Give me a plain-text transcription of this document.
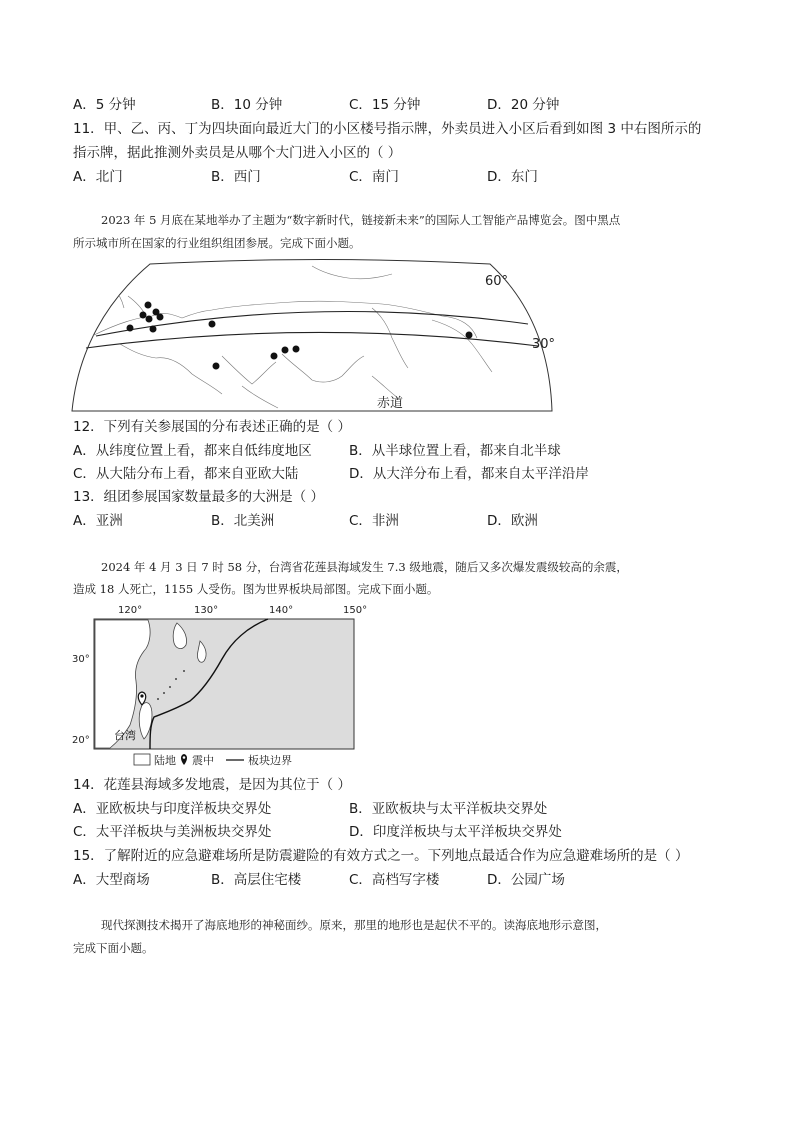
A．5 分钟	B．10 分钟	C．15 分钟	D．20 分钟
11．甲、乙、丙、丁为四块面向最近大门的小区楼号指示牌，外卖员进入小区后看到如图 3 中右图所示的
指示牌，据此推测外卖员是从哪个大门进入小区的（ ）
A．北门	B．西门	C．南门	D．东门
2023 年 5 月底在某地举办了主题为“数字新时代，链接新未来”的国际人工智能产品博览会。图中黑点
所示城市所在国家的行业组织组团参展。完成下面小题。
60°
30°
赤道
12．下列有关参展国的分布表述正确的是（ ）
A．从纬度位置上看，都来自低纬度地区	B．从半球位置上看，都来自北半球
C．从大陆分布上看，都来自亚欧大陆	D．从大洋分布上看，都来自太平洋沿岸
13．组团参展国家数量最多的大洲是（ ）
A．亚洲	B．北美洲	C．非洲	D．欧洲
2024 年 4 月 3 日 7 时 58 分，台湾省花莲县海域发生 7.3 级地震，随后又多次爆发震级较高的余震，
造成 18 人死亡，1155 人受伤。图为世界板块局部图。完成下面小题。
120°	130°	140°	150°
30°
20° 台湾
陆地 震中	板块边界
14．花莲县海域多发地震，是因为其位于（ ）
A．亚欧板块与印度洋板块交界处	B．亚欧板块与太平洋板块交界处
C．太平洋板块与美洲板块交界处	D．印度洋板块与太平洋板块交界处
15．了解附近的应急避难场所是防震避险的有效方式之一。下列地点最适合作为应急避难场所的是（ ）
A．大型商场	B．高层住宅楼	C．高档写字楼	D．公园广场
现代探测技术揭开了海底地形的神秘面纱。原来，那里的地形也是起伏不平的。读海底地形示意图，
完成下面小题。
